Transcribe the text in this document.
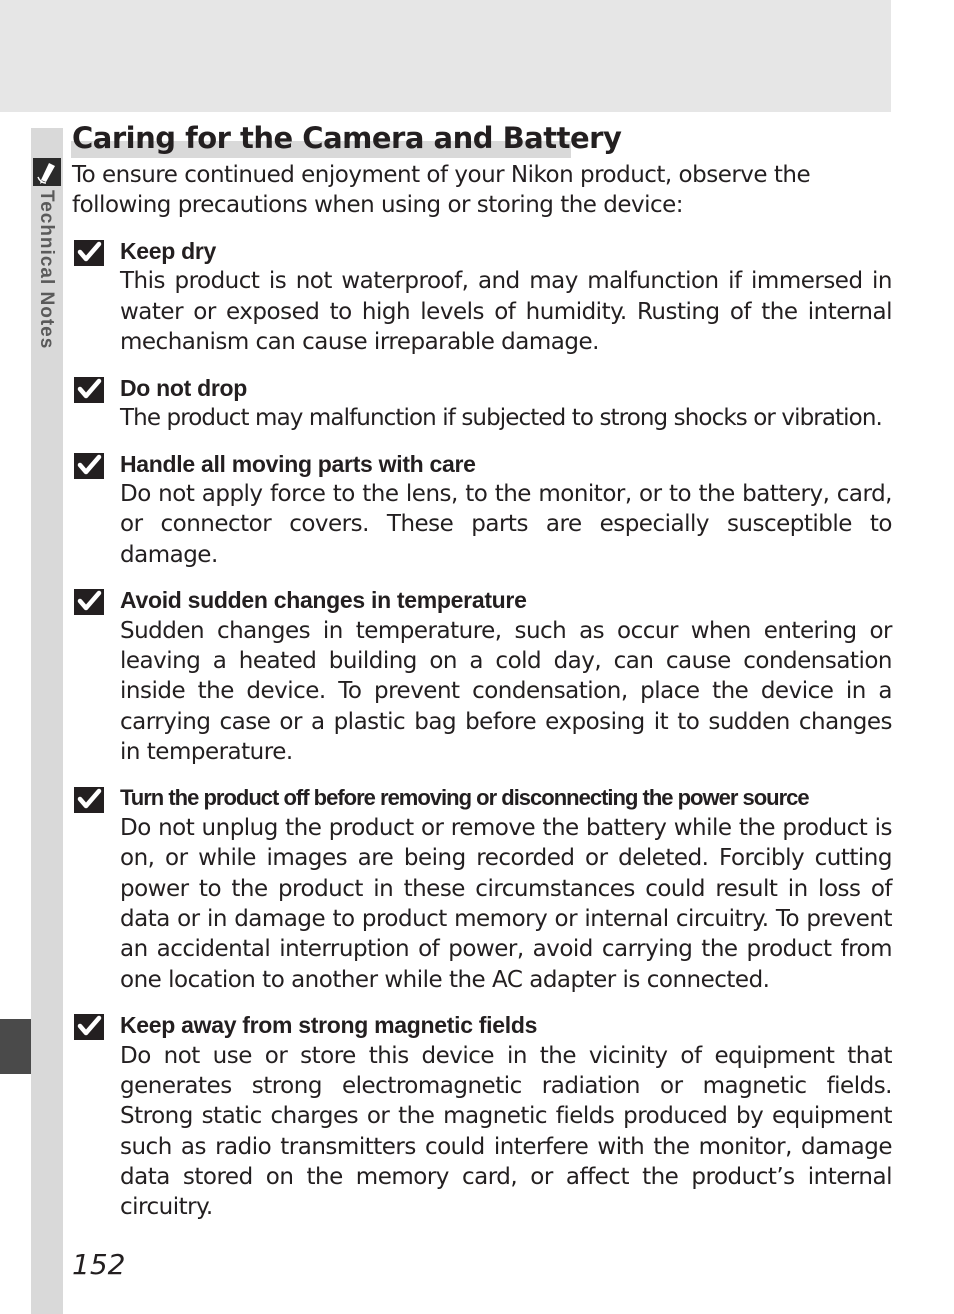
Technical Notes
Caring for the Camera and Battery

To ensure continued enjoyment of your Nikon product, observe the following precautions when using or storing the device:

Keep dry

This product is not waterproof, and may malfunction if immersed in water or exposed to high levels of humidity. Rusting of the internal mechanism can cause irreparable damage.

Do not drop

The product may malfunction if subjected to strong shocks or vibration.

Handle all moving parts with care

Do not apply force to the lens, to the monitor, or to the battery, card, or connector covers. These parts are especially susceptible to damage.

Avoid sudden changes in temperature

Sudden changes in temperature, such as occur when entering or leaving a heated building on a cold day, can cause condensation inside the device. To prevent condensation, place the device in a carrying case or a plastic bag before exposing it to sudden changes in temperature.

Turn the product off before removing or disconnecting the power source

Do not unplug the product or remove the battery while the product is on, or while images are being recorded or deleted. Forcibly cutting power to the product in these circumstances could result in loss of data or in damage to product memory or internal circuitry. To prevent an accidental interruption of power, avoid carrying the product from one location to another while the AC adapter is connected.

Keep away from strong magnetic fields

Do not use or store this device in the vicinity of equipment that generates strong electromagnetic radiation or magnetic fields. Strong static charges or the magnetic fields produced by equipment such as radio transmitters could interfere with the monitor, damage data stored on the memory card, or affect the product’s internal circuitry.

152
